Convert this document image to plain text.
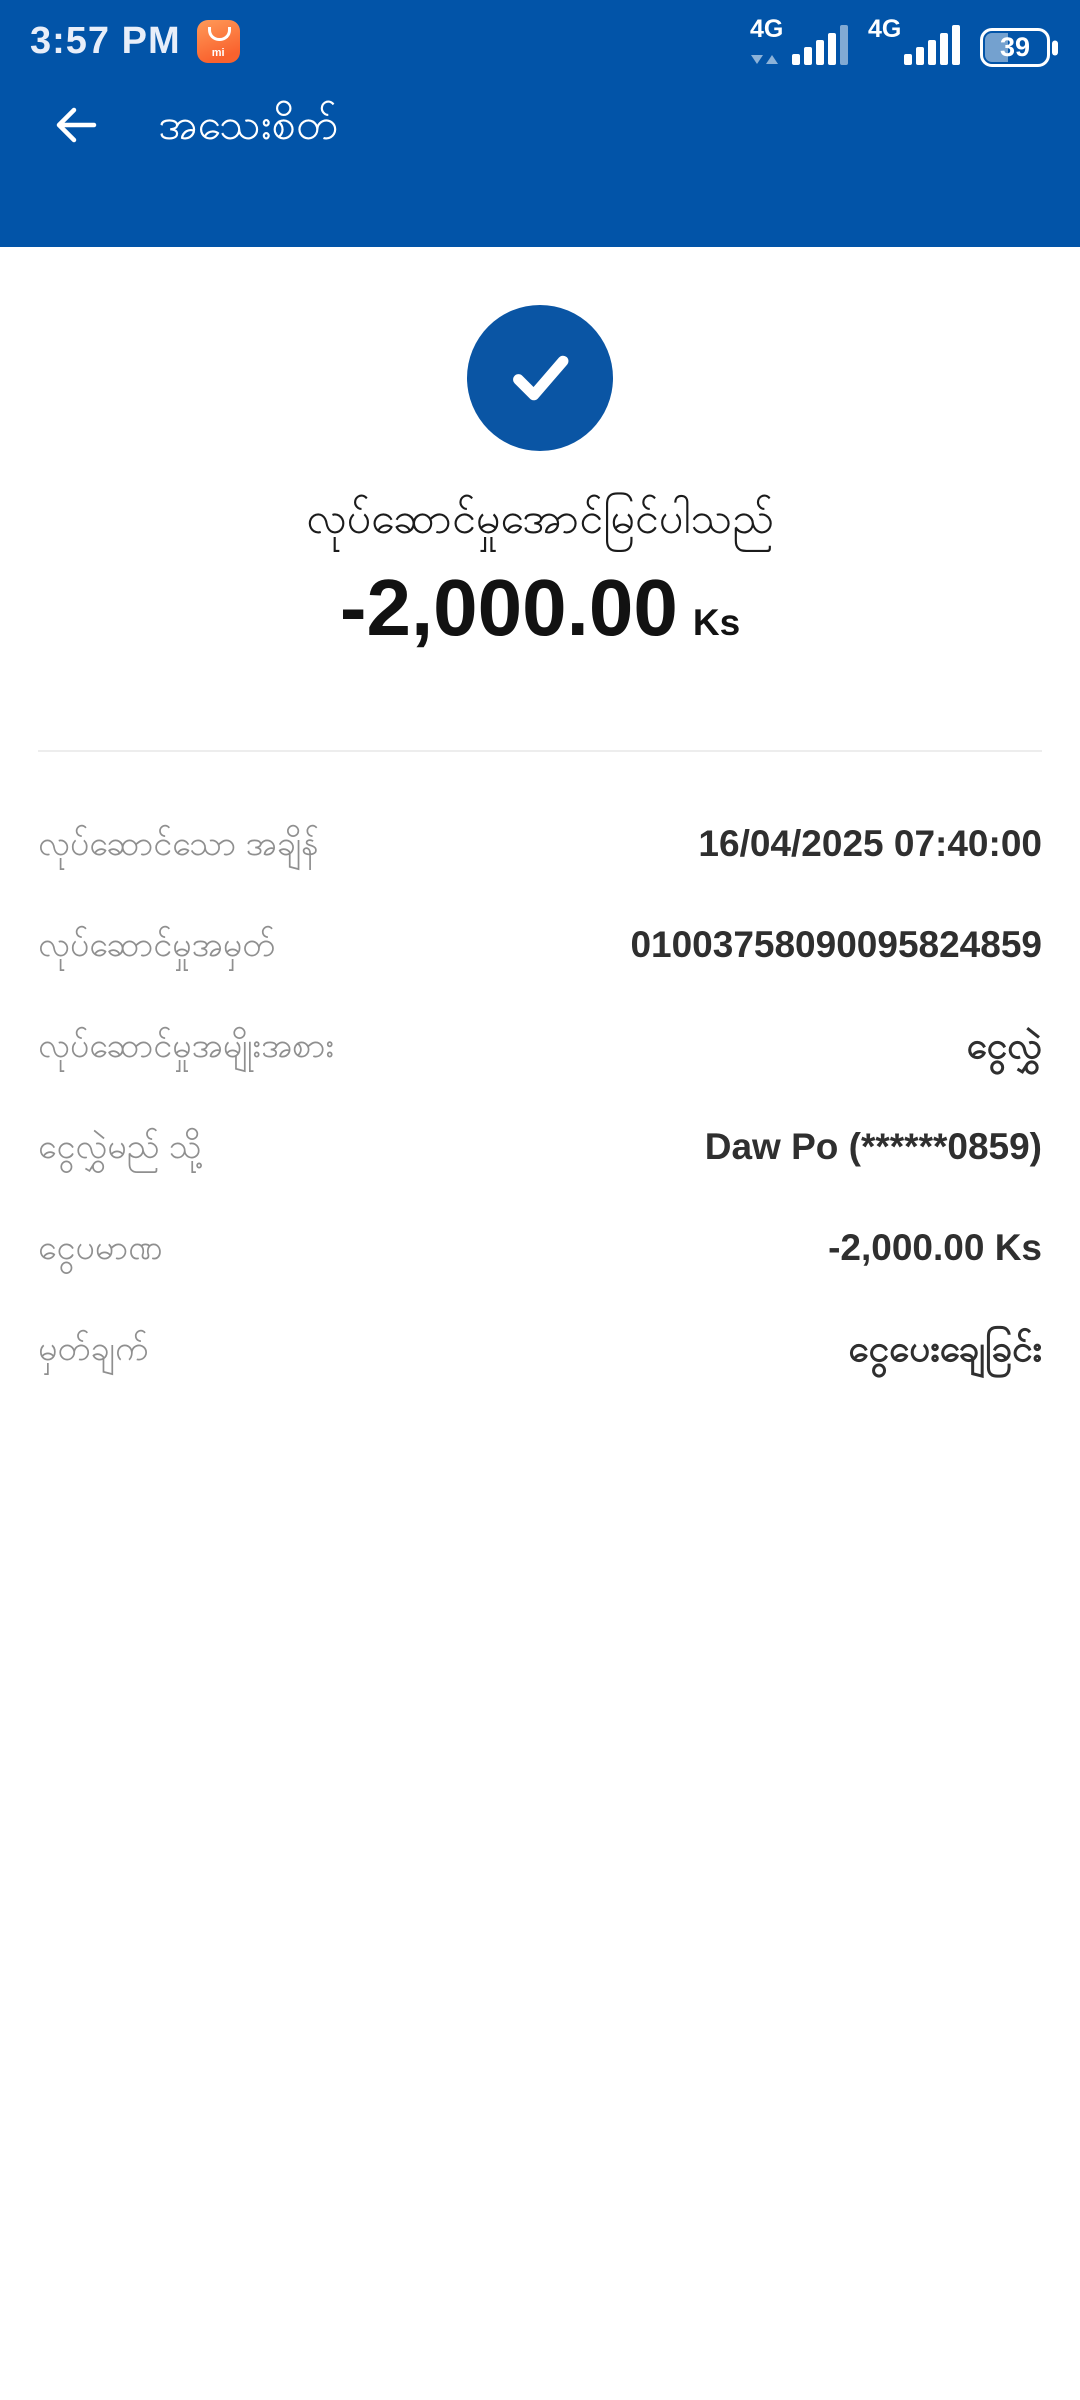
3:57 PM mi	4G	4G
39
အသေးစိတ်
လုပ်ဆောင်မှုအောင်မြင်ပါသည်
-2,000.00 Ks
လုပ်ဆောင်သော အချိန်	16/04/2025 07:40:00
လုပ်ဆောင်မှုအမှတ်	01003758090095824859
လုပ်ဆောင်မှုအမျိုးအစား	ငွေလွှဲ
ငွေလွှဲမည် သို့	Daw Po (******0859)
ငွေပမာဏ	-2,000.00 Ks
မှတ်ချက်	ငွေပေးချေခြင်း
